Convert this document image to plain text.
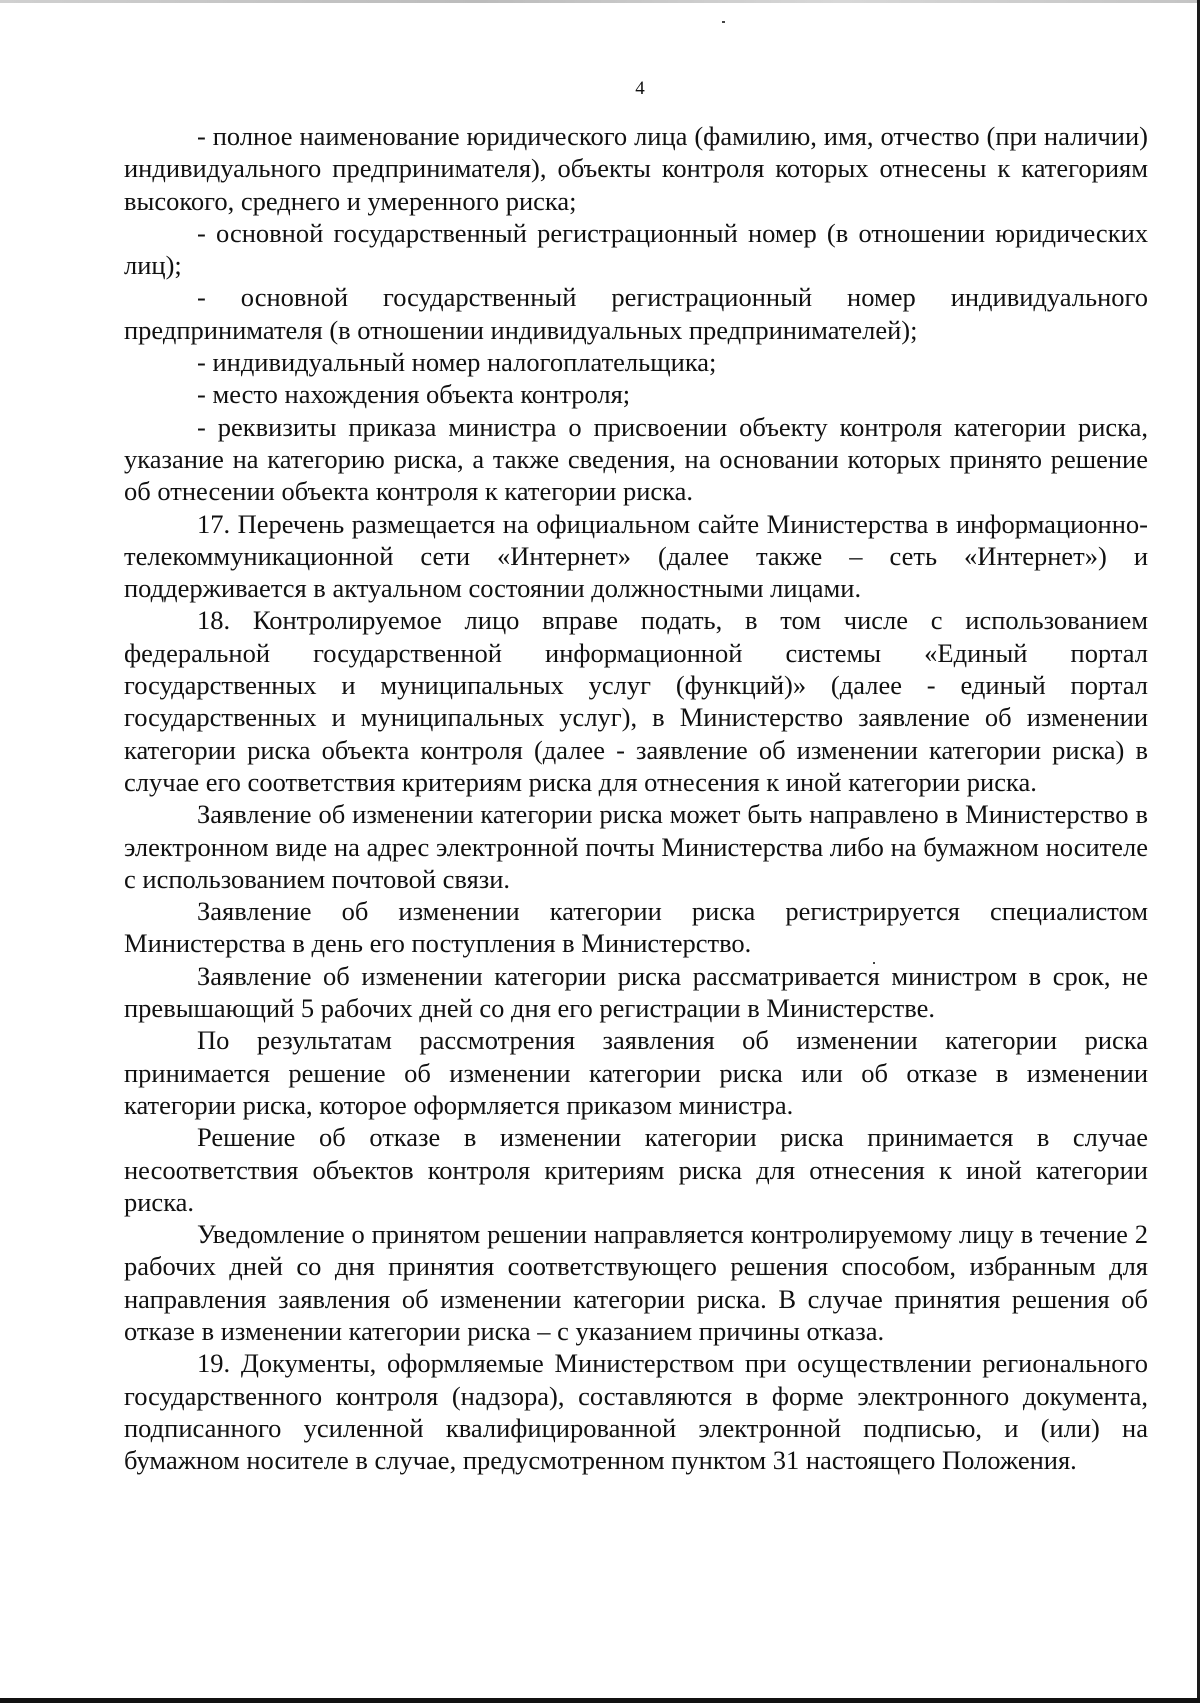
4

- полное наименование юридического лица (фамилию, имя, отчество (при наличии) индивидуального предпринимателя), объекты контроля которых отнесены к категориям высокого, среднего и умеренного риска;

- основной государственный регистрационный номер (в отношении юридических лиц);

- основной государственный регистрационный номер индивидуального предпринимателя (в отношении индивидуальных предпринимателей);

- индивидуальный номер налогоплательщика;

- место нахождения объекта контроля;

- реквизиты приказа министра о присвоении объекту контроля категории риска, указание на категорию риска, а также сведения, на основании которых принято решение об отнесении объекта контроля к категории риска.

17. Перечень размещается на официальном сайте Министерства в информационно-телекоммуникационной сети «Интернет» (далее также – сеть «Интернет») и поддерживается в актуальном состоянии должностными лицами.

18. Контролируемое лицо вправе подать, в том числе с использованием федеральной государственной информационной системы «Единый портал государственных и муниципальных услуг (функций)» (далее - единый портал государственных и муниципальных услуг), в Министерство заявление об изменении категории риска объекта контроля (далее - заявление об изменении категории риска) в случае его соответствия критериям риска для отнесения к иной категории риска.

Заявление об изменении категории риска может быть направлено в Министерство в электронном виде на адрес электронной почты Министерства либо на бумажном носителе с использованием почтовой связи.

Заявление об изменении категории риска регистрируется специалистом Министерства в день его поступления в Министерство.

Заявление об изменении категории риска рассматривается министром в срок, не превышающий 5 рабочих дней со дня его регистрации в Министерстве.

По результатам рассмотрения заявления об изменении категории риска принимается решение об изменении категории риска или об отказе в изменении категории риска, которое оформляется приказом министра.

Решение об отказе в изменении категории риска принимается в случае несоответствия объектов контроля критериям риска для отнесения к иной категории риска.

Уведомление о принятом решении направляется контролируемому лицу в течение 2 рабочих дней со дня принятия соответствующего решения способом, избранным для направления заявления об изменении категории риска. В случае принятия решения об отказе в изменении категории риска – с указанием причины отказа.

19. Документы, оформляемые Министерством при осуществлении регионального государственного контроля (надзора), составляются в форме электронного документа, подписанного усиленной квалифицированной электронной подписью, и (или) на бумажном носителе в случае, предусмотренном пунктом 31 настоящего Положения.
